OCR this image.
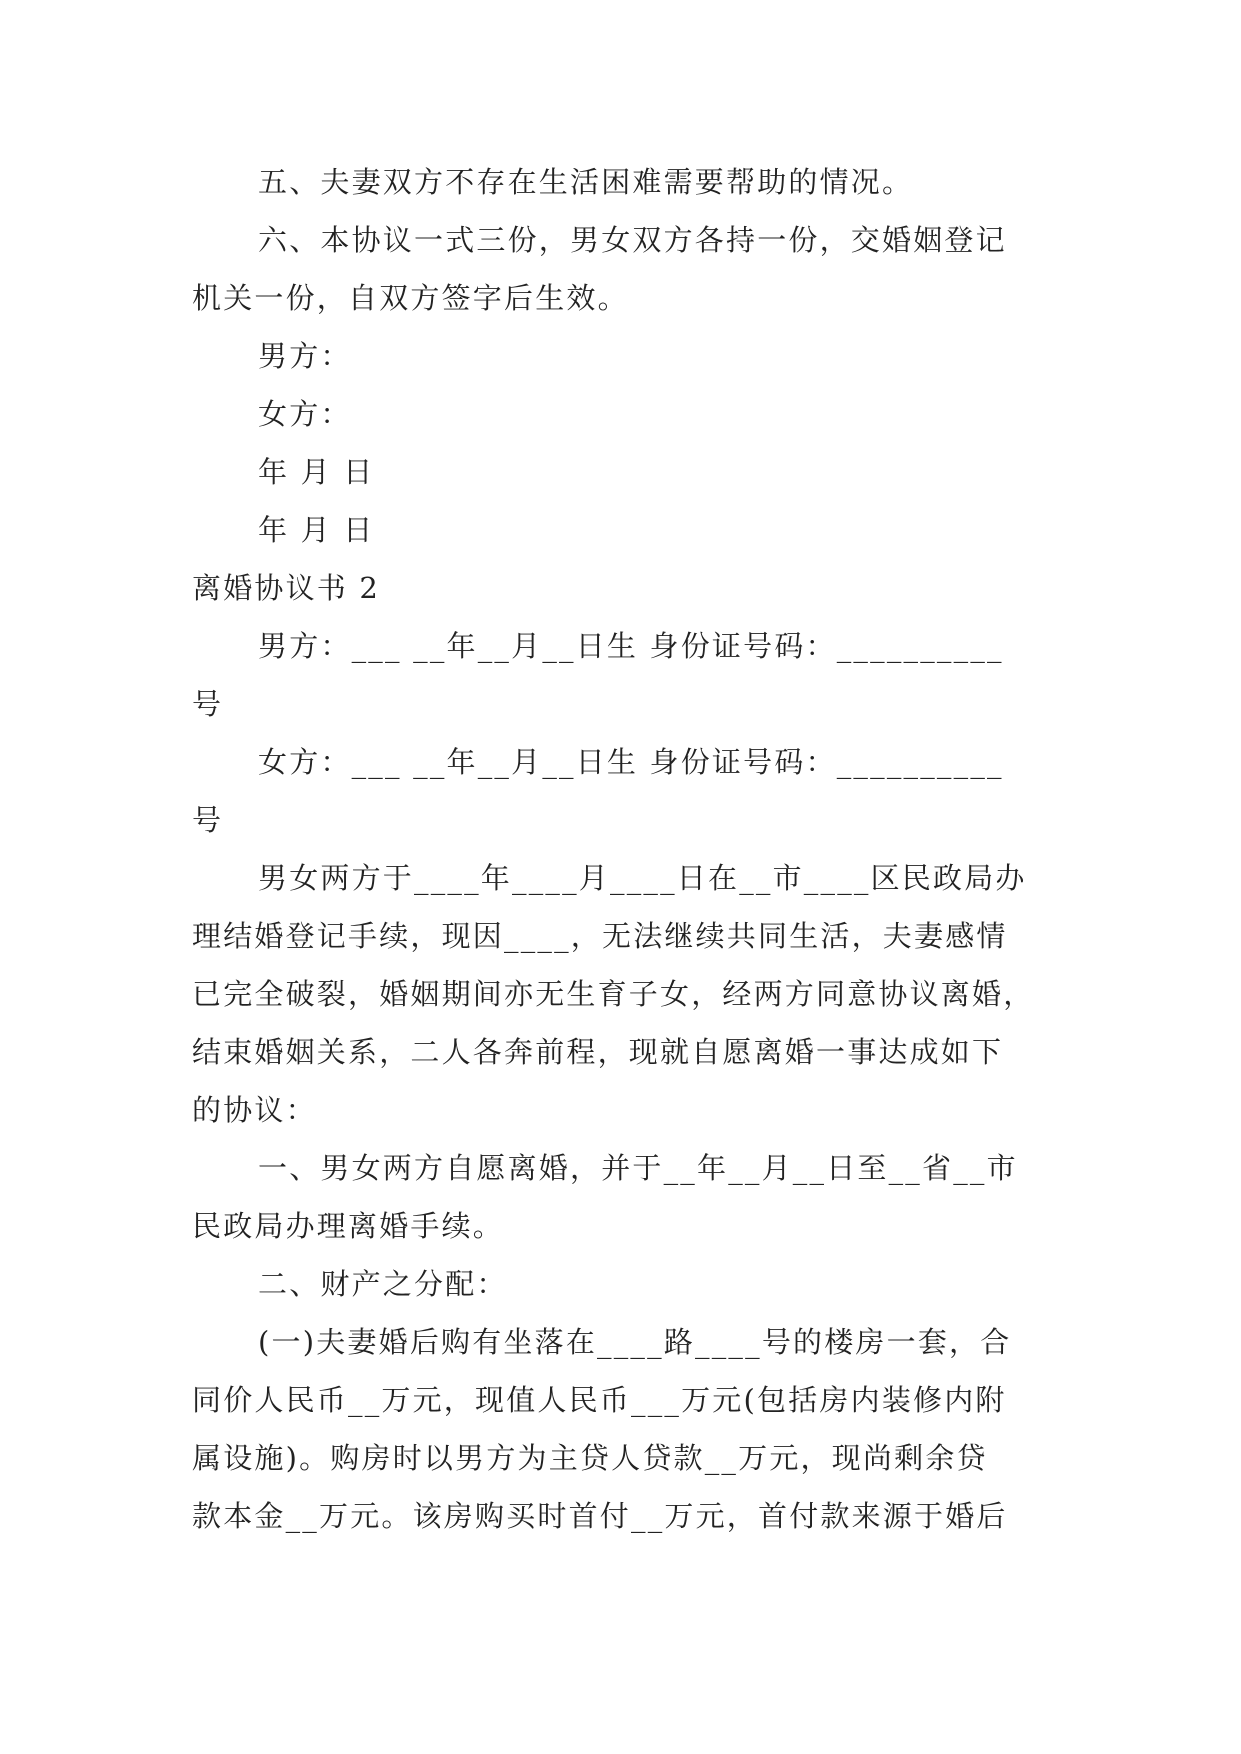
五、夫妻双方不存在生活困难需要帮助的情况。

六、本协议一式三份，男女双方各持一份，交婚姻登记

机关一份，自双方签字后生效。

男方：

女方：

年 月 日

年 月 日

离婚协议书 2

男方：___ __年__月__日生 身份证号码：__________

号

女方：___ __年__月__日生 身份证号码：__________

号

男女两方于____年____月____日在__市____区民政局办

理结婚登记手续，现因____，无法继续共同生活，夫妻感情

已完全破裂，婚姻期间亦无生育子女，经两方同意协议离婚，

结束婚姻关系，二人各奔前程，现就自愿离婚一事达成如下

的协议：

一、男女两方自愿离婚，并于__年__月__日至__省__市

民政局办理离婚手续。

二、财产之分配：

(一)夫妻婚后购有坐落在____路____号的楼房一套，合

同价人民币__万元，现值人民币___万元(包括房内装修内附

属设施)。购房时以男方为主贷人贷款__万元，现尚剩余贷

款本金__万元。该房购买时首付__万元，首付款来源于婚后
